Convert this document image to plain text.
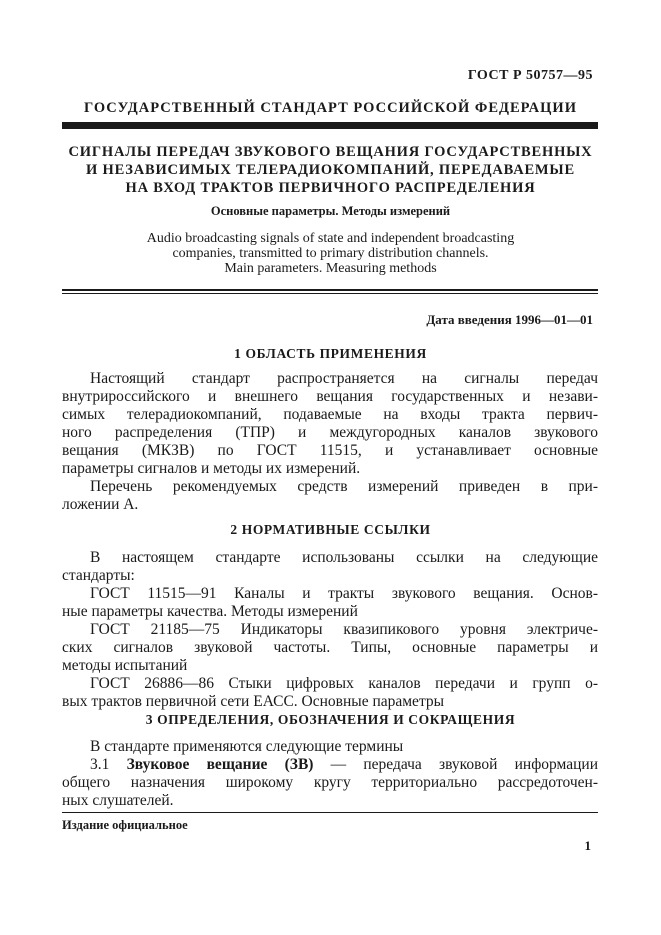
ГОСТ Р 50757—95
ГОСУДАРСТВЕННЫЙ СТАНДАРТ РОССИЙСКОЙ ФЕДЕРАЦИИ
СИГНАЛЫ ПЕРЕДАЧ ЗВУКОВОГО ВЕЩАНИЯ ГОСУДАРСТВЕННЫХ
И НЕЗАВИСИМЫХ ТЕЛЕРАДИОКОМПАНИЙ, ПЕРЕДАВАЕМЫЕ
НА ВХОД ТРАКТОВ ПЕРВИЧНОГО РАСПРЕДЕЛЕНИЯ
Основные параметры. Методы измерений
Audio broadcasting signals of state and independent broadcasting
companies, transmitted to primary distribution channels.
Main parameters. Measuring methods
Дата введения 1996—01—01
1 ОБЛАСТЬ ПРИМЕНЕНИЯ
Настоящий стандарт распространяется на сигналы передач
внутрироссийского и внешнего вещания государственных и незави-
симых телерадиокомпаний, подаваемые на входы тракта первич-
ного распределения (ТПР) и междугородных каналов звукового
вещания (МКЗВ) по ГОСТ 11515, и устанавливает основные
параметры сигналов и методы их измерений.
Перечень рекомендуемых средств измерений приведен в при-
ложении А.
2 НОРМАТИВНЫЕ ССЫЛКИ
В настоящем стандарте использованы ссылки на следующие
стандарты:
ГОСТ 11515—91 Каналы и тракты звукового вещания. Основ-
ные параметры качества. Методы измерений
ГОСТ 21185—75 Индикаторы квазипикового уровня электриче-
ских сигналов звуковой частоты. Типы, основные параметры и
методы испытаний
ГОСТ 26886—86 Стыки цифровых каналов передачи и групп о-
вых трактов первичной сети ЕАСС. Основные параметры
3 ОПРЕДЕЛЕНИЯ, ОБОЗНАЧЕНИЯ И СОКРАЩЕНИЯ
В стандарте применяются следующие термины
3.1 Звуковое вещание (ЗВ) — передача звуковой информации
общего назначения широкому кругу территориально рассредоточен-
ных слушателей.
Издание официальное
1
